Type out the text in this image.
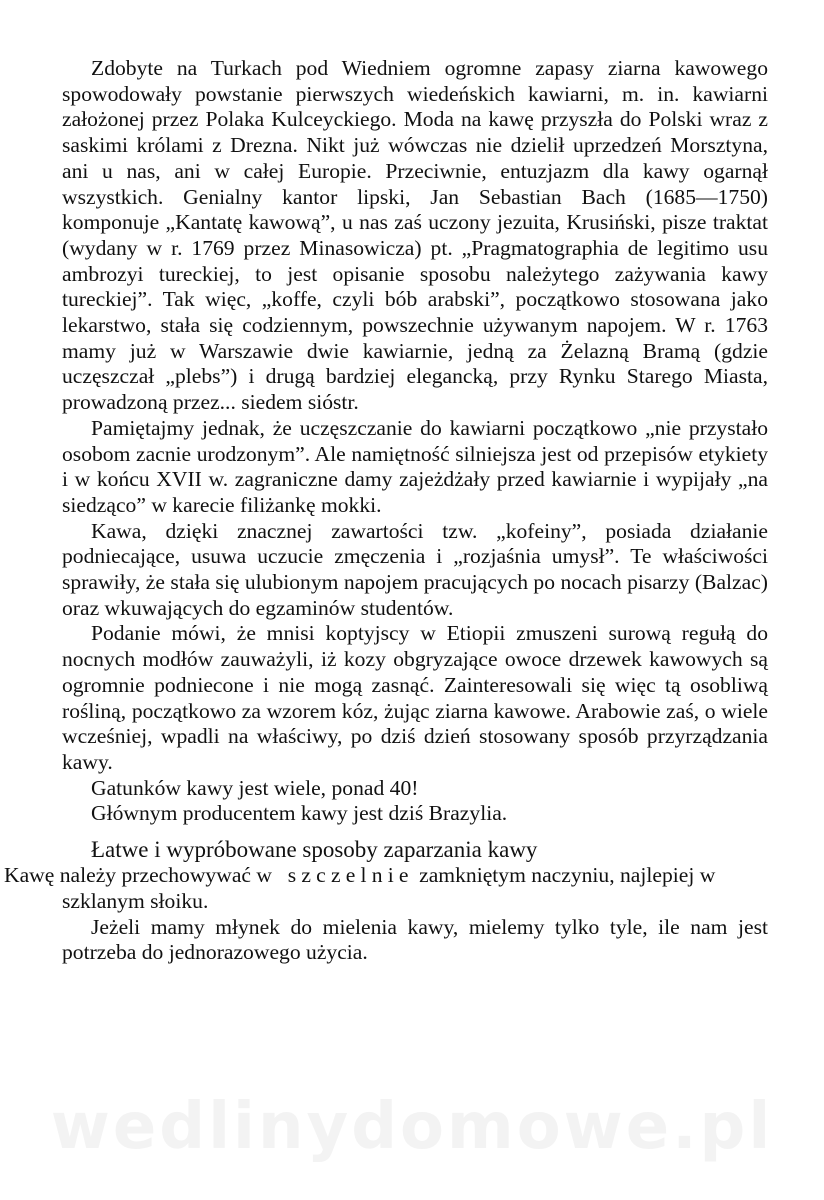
Zdobyte na Turkach pod Wiedniem ogromne zapasy ziarna kawowego spowodowały powstanie pierwszych wiedeńskich kawiarni, m. in. kawiarni założonej przez Polaka Kulceyckiego. Moda na kawę przyszła do Polski wraz z saskimi królami z Drezna. Nikt już wówczas nie dzielił uprzedzeń Morsztyna, ani u nas, ani w całej Europie. Przeciwnie, entuzjazm dla kawy ogarnął wszystkich. Genialny kantor lipski, Jan Sebastian Bach (1685—1750) komponuje „Kantatę kawową”, u nas zaś uczony jezuita, Krusiński, pisze traktat (wydany w r. 1769 przez Minasowicza) pt. „Pragmatographia de legitimo usu ambrozyi tureckiej, to jest opisanie sposobu należytego zażywania kawy tureckiej”. Tak więc, „koffe, czyli bób arabski”, początkowo stosowana jako lekarstwo, stała się codziennym, powszechnie używanym napojem. W r. 1763 mamy już w Warszawie dwie kawiarnie, jedną za Żelazną Bramą (gdzie uczęszczał „plebs”) i drugą bardziej elegancką, przy Rynku Starego Miasta, prowadzoną przez... siedem sióstr.

Pamiętajmy jednak, że uczęszczanie do kawiarni początkowo „nie przystało osobom zacnie urodzonym”. Ale namiętność silniejsza jest od przepisów etykiety i w końcu XVII w. zagraniczne damy zajeżdżały przed kawiarnie i wypijały „na siedząco” w karecie filiżankę mokki.

Kawa, dzięki znacznej zawartości tzw. „kofeiny”, posiada działanie podniecające, usuwa uczucie zmęczenia i „rozjaśnia umysł”. Te właściwości sprawiły, że stała się ulubionym napojem pracujących po nocach pisarzy (Balzac) oraz wkuwających do egzaminów studentów.

Podanie mówi, że mnisi koptyjscy w Etiopii zmuszeni surową regułą do nocnych modłów zauważyli, iż kozy obgryzające owoce drzewek kawowych są ogromnie podniecone i nie mogą zasnąć. Zainteresowali się więc tą osobliwą rośliną, początkowo za wzorem kóz, żując ziarna kawowe. Arabowie zaś, o wiele wcześniej, wpadli na właściwy, po dziś dzień stosowany sposób przyrządzania kawy.

Gatunków kawy jest wiele, ponad 40!

Głównym producentem kawy jest dziś Brazylia.

Łatwe i wypróbowane sposoby zaparzania kawy

Kawę należy przechowywać w szczelnie zamkniętym naczyniu, najlepiej w
szklanym słoiku.

Jeżeli mamy młynek do mielenia kawy, mielemy tylko tyle, ile nam jest potrzeba do jednorazowego użycia.

wedlinydomowe.pl
